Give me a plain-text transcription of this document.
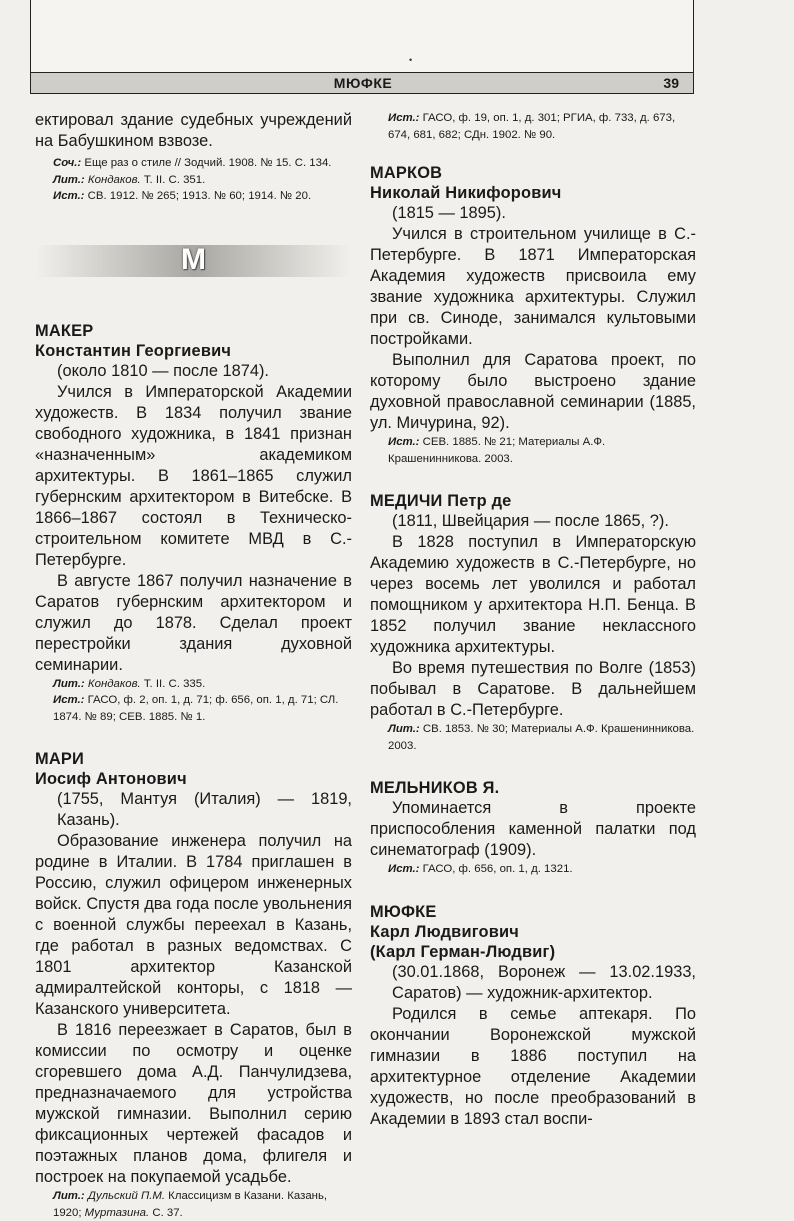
•
МЮФКЕ	39

ектировал здание судебных учреждений на Бабушкином взвозе.

Соч.: Еще раз о стиле // Зодчий. 1908. № 15. С. 134.

Лит.: Кондаков. Т. II. С. 351.

Ист.: СВ. 1912. № 265; 1913. № 60; 1914. № 20.

М

МАКЕР

Константин Георгиевич

(около 1810 — после 1874).

Учился в Императорской Академии художеств. В 1834 получил звание свободного художника, в 1841 признан «назначенным» академиком архитектуры. В 1861–1865 служил губернским архитектором в Витебске. В 1866–1867 состоял в Техническо-строительном комитете МВД в С.-Петербурге.

В августе 1867 получил назначение в Саратов губернским архитектором и служил до 1878. Сделал проект перестройки здания духовной семинарии.

Лит.: Кондаков. Т. II. С. 335.

Ист.: ГАСО, ф. 2, оп. 1, д. 71; ф. 656, оп. 1, д. 71; СЛ. 1874. № 89; СЕВ. 1885. № 1.

МАРИ

Иосиф Антонович

(1755, Мантуя (Италия) — 1819, Казань).

Образование инженера получил на родине в Италии. В 1784 приглашен в Россию, служил офицером инженерных войск. Спустя два года после увольнения с военной службы переехал в Казань, где работал в разных ведомствах. С 1801 архитектор Казанской адмиралтейской конторы, с 1818 — Казанского университета.

В 1816 переезжает в Саратов, был в комиссии по осмотру и оценке сгоревшего дома А.Д. Панчулидзева, предназначаемого для устройства мужской гимназии. Выполнил серию фиксационных чертежей фасадов и поэтажных планов дома, флигеля и построек на покупаемой усадьбе.

Лит.: Дульский П.М. Классицизм в Казани. Казань, 1920; Муртазина. С. 37.

Ист.: ГАСО, ф. 19, оп. 1, д. 301; РГИА, ф. 733, д. 673, 674, 681, 682; СДн. 1902. № 90.

МАРКОВ

Николай Никифорович

(1815 — 1895).

Учился в строительном училище в С.-Петербурге. В 1871 Императорская Академия художеств присвоила ему звание художника архитектуры. Служил при св. Синоде, занимался культовыми постройками.

Выполнил для Саратова проект, по которому было выстроено здание духовной православной семинарии (1885, ул. Мичурина, 92).

Ист.: СЕВ. 1885. № 21; Материалы А.Ф. Крашенинникова. 2003.

МЕДИЧИ Петр де

(1811, Швейцария — после 1865, ?).

В 1828 поступил в Императорскую Академию художеств в С.-Петербурге, но через восемь лет уволился и работал помощником у архитектора Н.П. Бенца. В 1852 получил звание неклассного художника архитектуры.

Во время путешествия по Волге (1853) побывал в Саратове. В дальнейшем работал в С.-Петербурге.

Лит.: СВ. 1853. № 30; Материалы А.Ф. Крашенинникова. 2003.

МЕЛЬНИКОВ Я.

Упоминается в проекте приспособления каменной палатки под синематограф (1909).

Ист.: ГАСО, ф. 656, оп. 1, д. 1321.

МЮФКЕ

Карл Людвигович

(Карл Герман-Людвиг)

(30.01.1868, Воронеж — 13.02.1933, Саратов) — художник-архитектор.

Родился в семье аптекаря. По окончании Воронежской мужской гимназии в 1886 поступил на архитектурное отделение Академии художеств, но после преобразований в Академии в 1893 стал воспи-
